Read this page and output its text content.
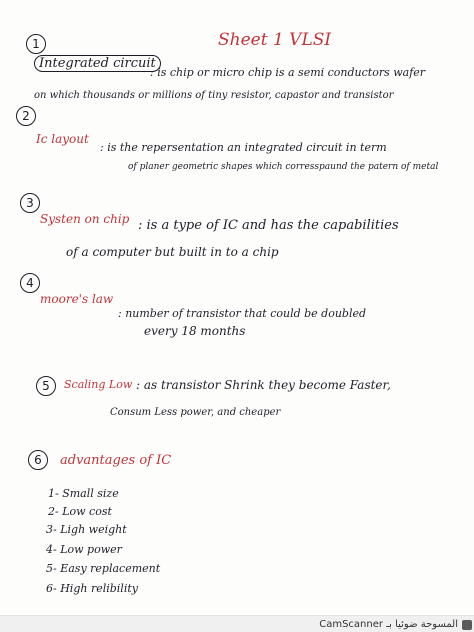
Sheet 1 VLSI
1
Integrated circuit
: is chip or micro chip is a semi conductors wafer
on which thousands or millions of tiny resistor, capastor and transistor
2
Ic layout
: is the repersentation an integrated circuit in term
of planer geometric shapes which corresspaund the patern of metal
3
Systen on chip : is a type of IC and has the capabilities
of a computer but built in to a chip
4
moore's law
: number of transistor that could be doubled
every 18 months
5	Scaling Low : as transistor Shrink they become Faster,
Consum Less power, and cheaper
6	advantages of IC
1- Small size
2- Low cost
3- Ligh weight
4- Low power
5- Easy replacement
6- High relibility
CamScanner المسوحة ضوئيا بـ
